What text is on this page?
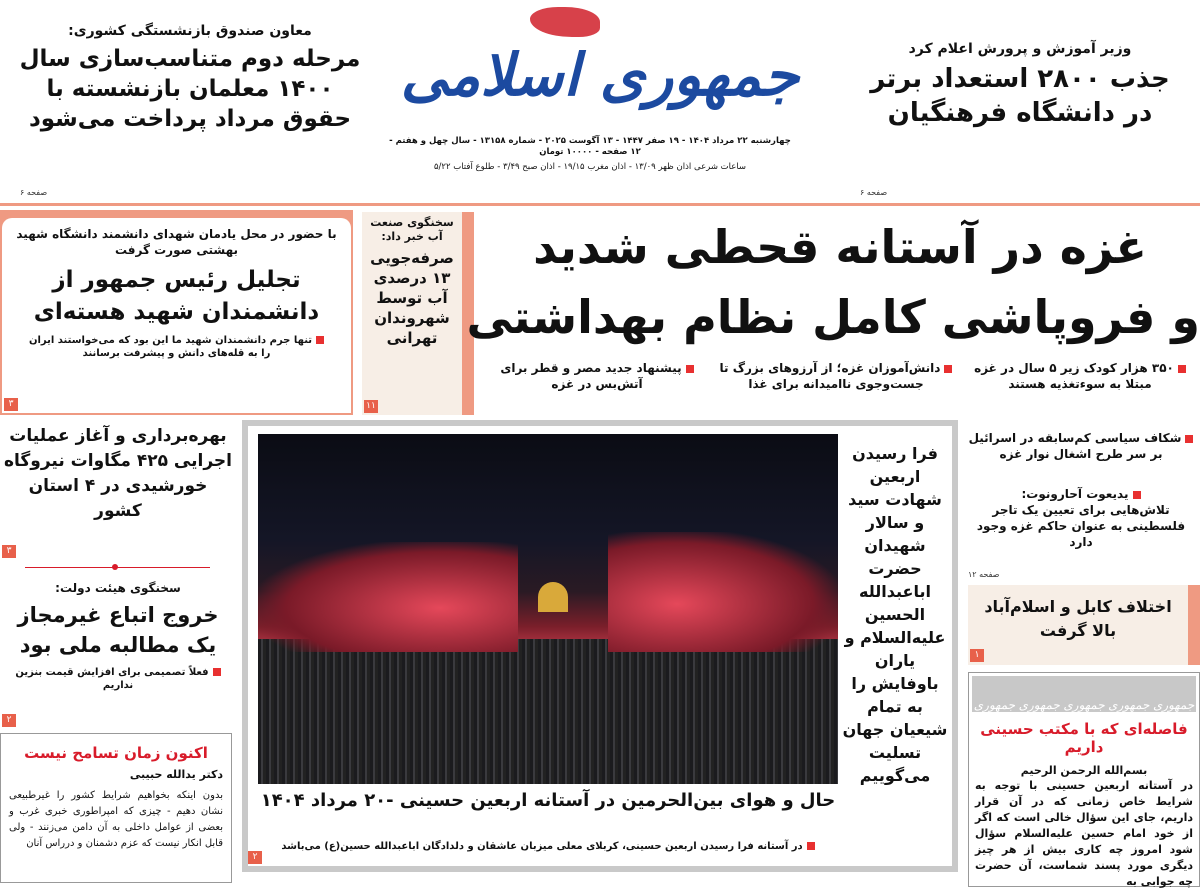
معاون صندوق بازنشستگی کشوری:
مرحله دوم متناسب‌سازی سال ۱۴۰۰ معلمان بازنشسته با حقوق مرداد پرداخت می‌شود
صفحه ۶
جمهوری اسلامی
چهارشنبه ۲۲ مرداد ۱۴۰۴ - ۱۹ صفر ۱۴۴۷ - ۱۳ آگوست ۲۰۲۵ - شماره ۱۳۱۵۸ - سال چهل و هفتم - ۱۲ صفحه - ۱۰۰۰۰ تومان
ساعات شرعی اذان ظهر ۱۳/۰۹ - اذان مغرب ۱۹/۱۵ - اذان صبح ۳/۴۹ - طلوع آفتاب ۵/۲۲
وزیر آموزش و پرورش اعلام کرد
جذب ۲۸۰۰ استعداد برتر در دانشگاه فرهنگیان
صفحه ۶
با حضور در محل یادمان شهدای دانشمند دانشگاه شهید بهشتی صورت گرفت
تجلیل رئیس جمهور از دانشمندان شهید هسته‌ای
تنها جرم دانشمندان شهید ما این بود که می‌خواستند ایران را به قله‌های دانش و پیشرفت برسانند
۳
سخنگوی صنعت آب خبر داد:
صرفه‌جویی ۱۳ درصدی آب توسط شهروندان تهرانی
۱۱
غزه در آستانه قحطی شدید
و فروپاشی کامل نظام بهداشتی
۳۵۰ هزار کودک زیر ۵ سال در غزه مبتلا به سوءتغذیه هستند
دانش‌آموزان غزه؛ از آرزوهای بزرگ تا جست‌وجوی ناامیدانه برای غذا
پیشنهاد جدید مصر و قطر برای آتش‌بس در غزه
شکاف سیاسی کم‌سابقه در اسرائیل بر سر طرح اشغال نوار غزه
یدیعوت آحارونوت:
تلاش‌هایی برای تعیین یک تاجر فلسطینی به عنوان حاکم غزه وجود دارد
صفحه ۱۲
اختلاف کابل و اسلام‌آباد بالا گرفت
۱
جمهوری
جمهوری
جمهوری
جمهوری
جمهوری
فاصله‌ای که با مکتب حسینی داریم
بسم‌الله الرحمن الرحیم
در آستانه اربعین حسینی با توجه به شرایط خاص زمانی که در آن قرار داریم، جای این سؤال خالی است که اگر از خود امام حسین علیه‌السلام سؤال شود امروز چه کاری بیش از هر چیز دیگری مورد پسند شماست، آن حضرت چه جوابی به
بهره‌برداری و آغاز عملیات اجرایی ۴۲۵ مگاوات نیروگاه خورشیدی در ۴ استان کشور
۳
سخنگوی هیئت دولت:
خروج اتباع غیرمجاز یک مطالبه ملی بود
فعلاً تصمیمی برای افزایش قیمت بنزین نداریم
۲
اکنون زمان تسامح نیست
دکتر یدالله حبیبی
بدون اینکه بخواهیم شرایط کشور را غیرطبیعی نشان دهیم - چیزی که امپراطوری خبری غرب و بعضی از عوامل داخلی به آن دامن می‌زنند - ولی قابل انکار نیست که عزم دشمنان و درراس آنان
فرا رسیدن اربعین شهادت سید و سالار شهیدان حضرت اباعبدالله الحسین علیه‌السلام و یاران باوفایش را به تمام شیعیان جهان تسلیت می‌گوییم
حال و هوای بین‌الحرمین در آستانه اربعین حسینی -۲۰ مرداد ۱۴۰۴
در آستانه فرا رسیدن اربعین حسینی، کربلای معلی میزبان عاشقان و دلدادگان اباعبدالله حسین(ع) می‌باشد
۲
